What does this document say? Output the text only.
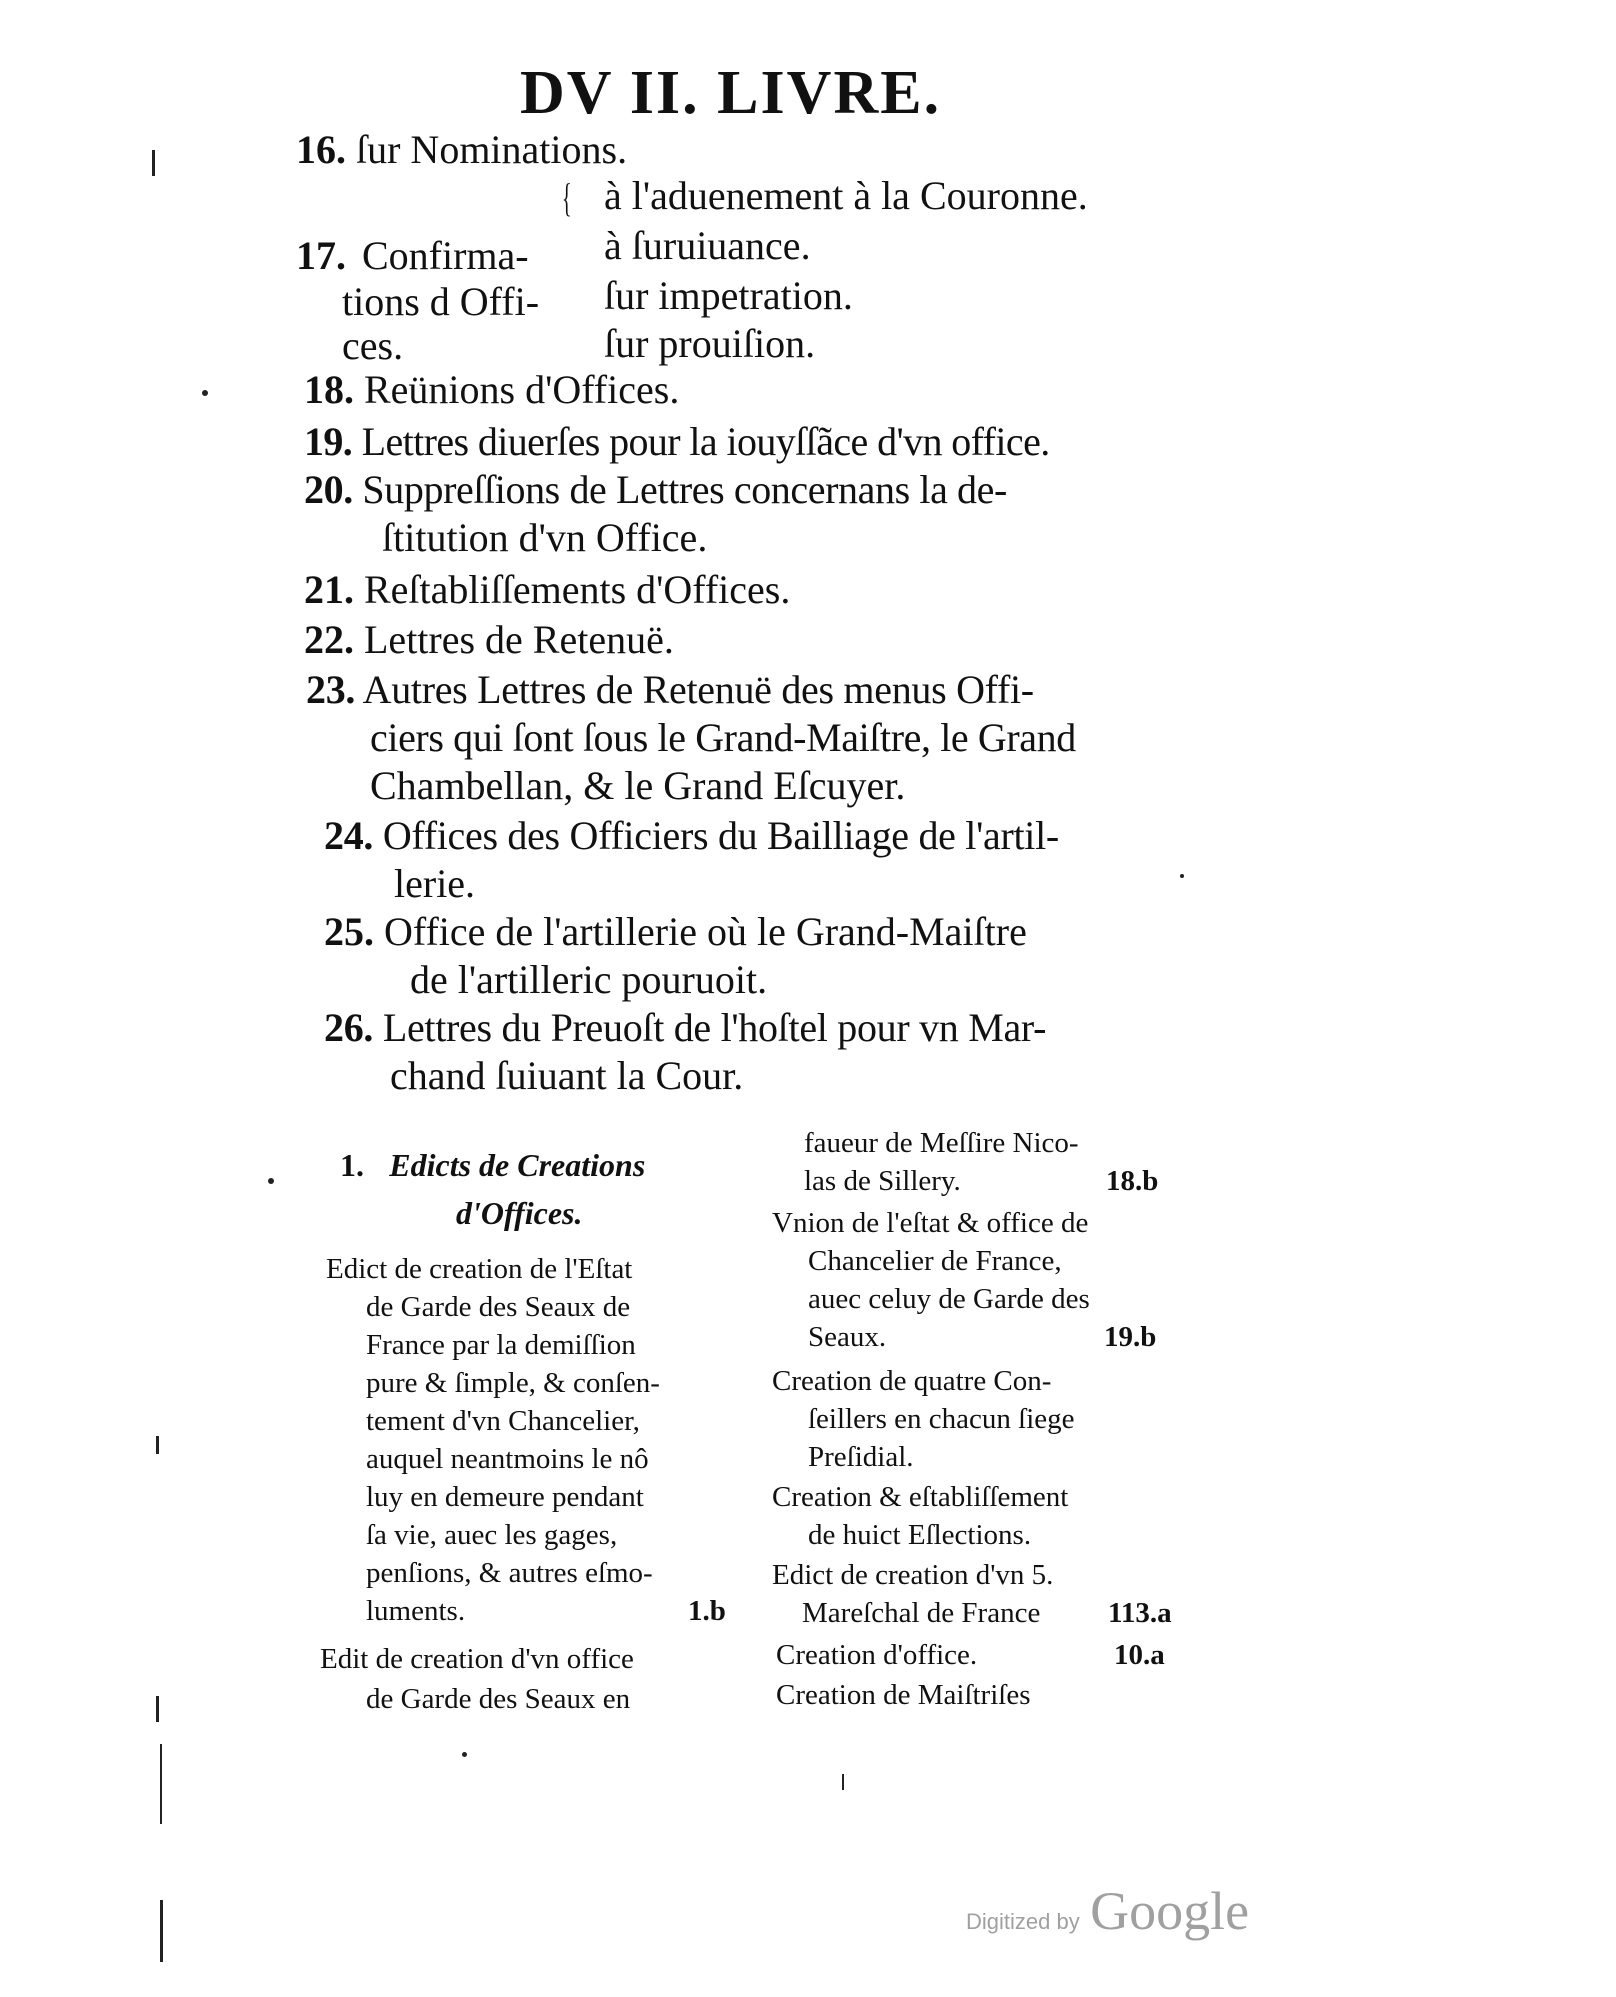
DV II. LIVRE.
16. ſur Nominations.
17. Confirma-
tions d Offi-
ces.
{ à l'aduenement à la Couronne.
à ſuruiuance.
ſur impetration.
ſur prouiſion.
18. Reünions d'Offices.
19. Lettres diuerſes pour la iouyſſãce d'vn office.
20. Suppreſſions de Lettres concernans la de-
ſtitution d'vn Office.
21. Reſtabliſſements d'Offices.
22. Lettres de Retenuë.
23. Autres Lettres de Retenuë des menus Offi-
ciers qui ſont ſous le Grand-Maiſtre, le Grand
Chambellan, & le Grand Eſcuyer.
24. Offices des Officiers du Bailliage de l'artil-
lerie.
25. Office de l'artillerie où le Grand-Maiſtre
de l'artilleric pouruoit.
26. Lettres du Preuoſt de l'hoſtel pour vn Mar-
chand ſuiuant la Cour.
1. Edicts de Creations
d'Offices.
Edict de creation de l'Eſtat
de Garde des Seaux de
France par la demiſſion
pure & ſimple, & conſen-
tement d'vn Chancelier,
auquel neantmoins le nô
luy en demeure pendant
ſa vie, auec les gages,
penſions, & autres eſmo-
luments.	1.b
Edit de creation d'vn office
de Garde des Seaux en
faueur de Meſſire Nico-
las de Sillery.	18.b
Vnion de l'eſtat & office de
Chancelier de France,
auec celuy de Garde des
Seaux.	19.b
Creation de quatre Con-
ſeillers en chacun ſiege
Preſidial.
Creation & eſtabliſſement
de huict Eſlections.
Edict de creation d'vn 5.
Mareſchal de France 113.a
Creation d'office.	10.a
Creation de Maiſtriſes
Digitized by Google
